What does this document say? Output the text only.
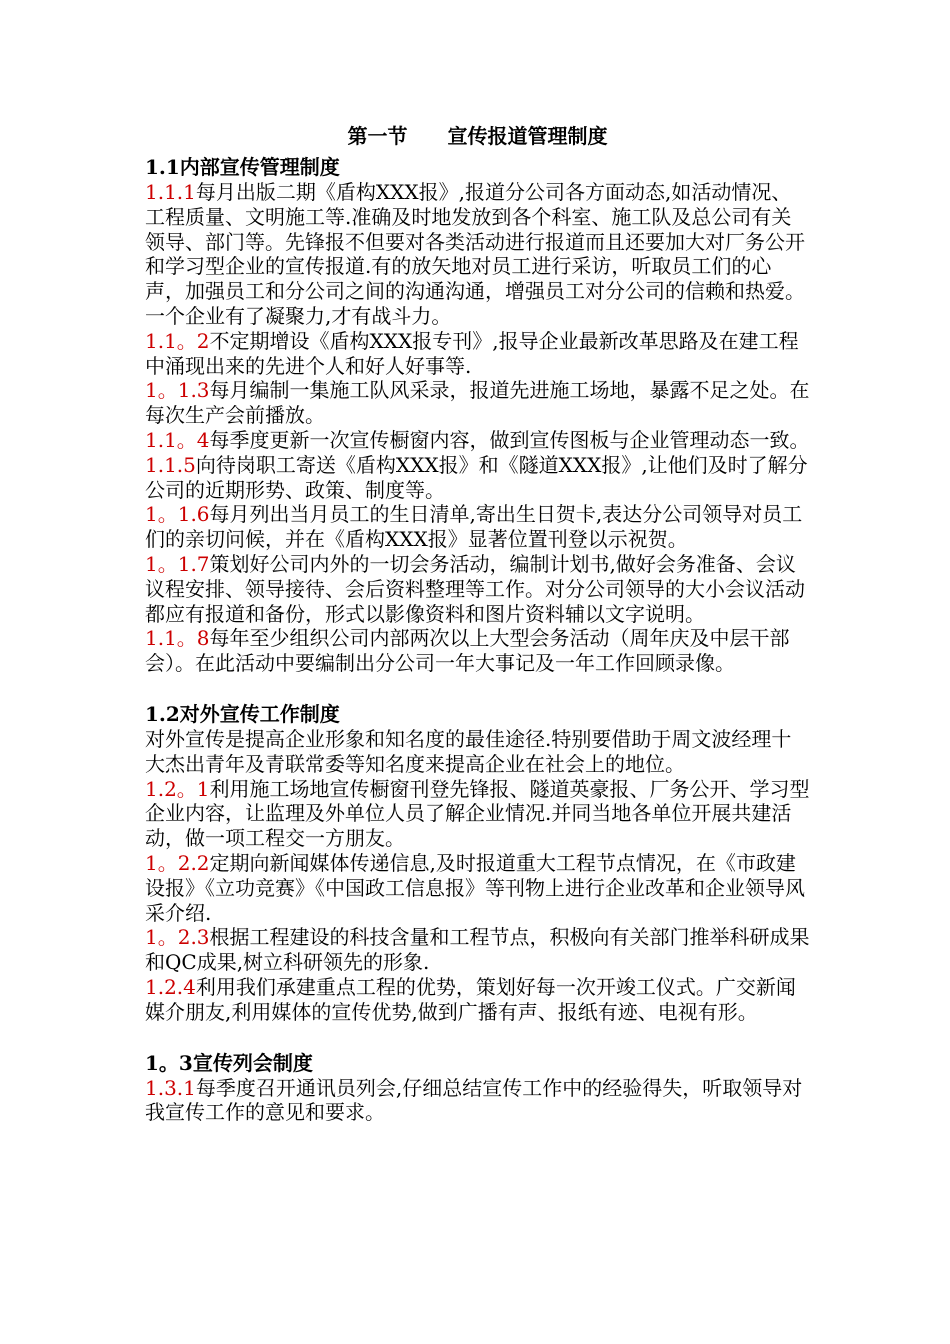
第一节　　宣传报道管理制度
1.1内部宣传管理制度

1.1.1每月出版二期《盾构XXX报》,报道分公司各方面动态,如活动情况、工程质量、文明施工等.准确及时地发放到各个科室、施工队及总公司有关领导、部门等。先锋报不但要对各类活动进行报道而且还要加大对厂务公开和学习型企业的宣传报道.有的放矢地对员工进行采访，听取员工们的心声，加强员工和分公司之间的沟通沟通，增强员工对分公司的信赖和热爱。一个企业有了凝聚力,才有战斗力。

1.1。2不定期增设《盾构XXX报专刊》,报导企业最新改革思路及在建工程中涌现出来的先进个人和好人好事等.

1。1.3每月编制一集施工队风采录，报道先进施工场地，暴露不足之处。在每次生产会前播放。

1.1。4每季度更新一次宣传橱窗内容，做到宣传图板与企业管理动态一致。

1.1.5向待岗职工寄送《盾构XXX报》和《隧道XXX报》,让他们及时了解分公司的近期形势、政策、制度等。

1。1.6每月列出当月员工的生日清单,寄出生日贺卡,表达分公司领导对员工们的亲切问候，并在《盾构XXX报》显著位置刊登以示祝贺。

1。1.7策划好公司内外的一切会务活动，编制计划书,做好会务准备、会议议程安排、领导接待、会后资料整理等工作。对分公司领导的大小会议活动都应有报道和备份，形式以影像资料和图片资料辅以文字说明。

1.1。8每年至少组织公司内部两次以上大型会务活动（周年庆及中层干部会）。在此活动中要编制出分公司一年大事记及一年工作回顾录像。

1.2对外宣传工作制度

对外宣传是提高企业形象和知名度的最佳途径.特别要借助于周文波经理十大杰出青年及青联常委等知名度来提高企业在社会上的地位。

1.2。1利用施工场地宣传橱窗刊登先锋报、隧道英豪报、厂务公开、学习型企业内容，让监理及外单位人员了解企业情况.并同当地各单位开展共建活动，做一项工程交一方朋友。

1。2.2定期向新闻媒体传递信息,及时报道重大工程节点情况，在《市政建设报》《立功竞赛》《中国政工信息报》等刊物上进行企业改革和企业领导风采介绍.

1。2.3根据工程建设的科技含量和工程节点，积极向有关部门推举科研成果和QC成果,树立科研领先的形象.

1.2.4利用我们承建重点工程的优势，策划好每一次开竣工仪式。广交新闻媒介朋友,利用媒体的宣传优势,做到广播有声、报纸有迹、电视有形。

1。3宣传列会制度

1.3.1每季度召开通讯员列会,仔细总结宣传工作中的经验得失，听取领导对我宣传工作的意见和要求。
